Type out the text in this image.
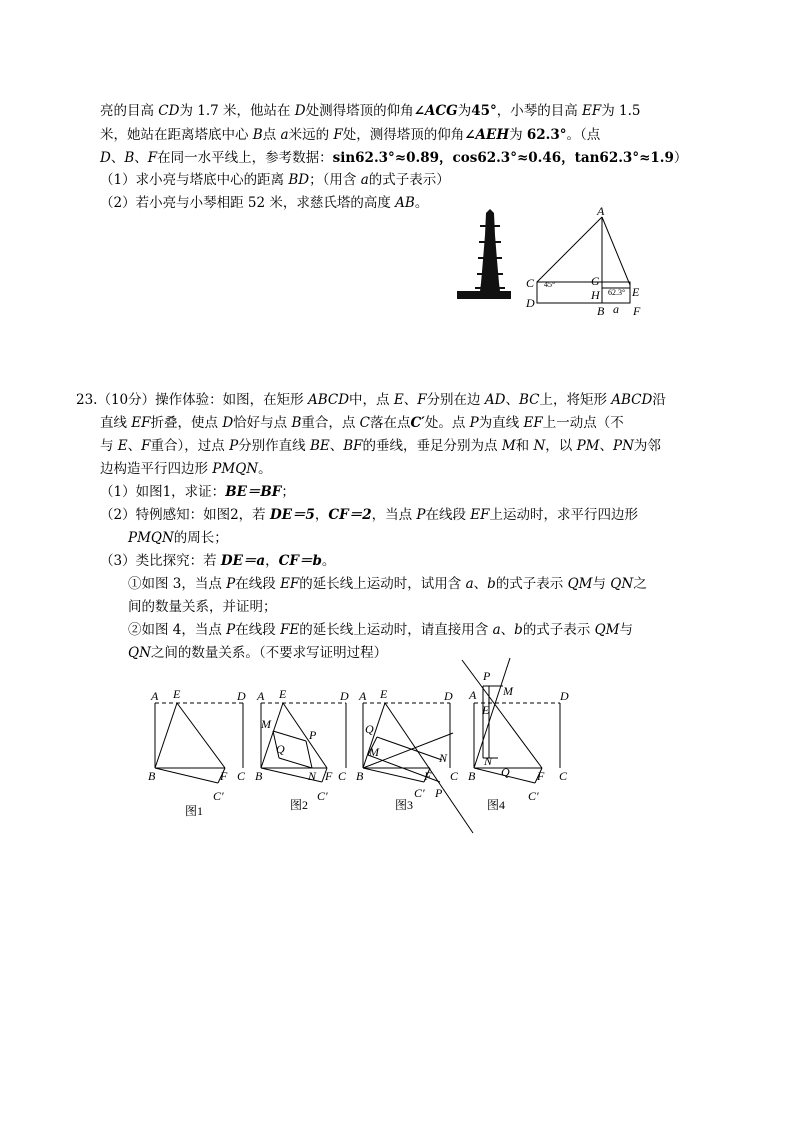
亮的目高 CD为 1.7 米，他站在 D处测得塔顶的仰角∠ACG为45°，小琴的目高 EF为 1.5
米，她站在距离塔底中心 B点 a米远的 F处，测得塔顶的仰角∠AEH为 62.3°。（点
D、B、F在同一水平线上，参考数据：sin62.3°≈0.89，cos62.3°≈0.46，tan62.3°≈1.9）
（1）求小亮与塔底中心的距离 BD；（用含 a的式子表示）
（2）若小亮与小琴相距 52 米，求慈氏塔的高度 AB。	A
C 45°	G
H 62.3° E
D
B a F
23.（10分）操作体验：如图，在矩形 ABCD中，点 E、F分别在边 AD、BC上，将矩形 ABCD沿
直线 EF折叠，使点 D恰好与点 B重合，点 C落在点C′处。点 P为直线 EF上一动点（不
与 E、F重合），过点 P分别作直线 BE、BF的垂线，垂足分别为点 M和 N，以 PM、PN为邻
边构造平行四边形 PMQN。
（1）如图1，求证：BE＝BF；
（2）特例感知：如图2，若 DE＝5，CF＝2，当点 P在线段 EF上运动时，求平行四边形
PMQN的周长；
（3）类比探究：若 DE＝a，CF＝b。
①如图 3，当点 P在线段 EF的延长线上运动时，试用含 a、b的式子表示 QM与 QN之
间的数量关系，并证明；
②如图 4，当点 P在线段 FE的延长线上运动时，请直接用含 a、b的式子表示 QM与
QN之间的数量关系。（不要求写证明过程）
A E	D
B	F C
C′
A E	D
M
P
Q
B	N F C
C′
A E	D
Q
M	N
B	F C
C′ P
P
M
A
E
D
N
B Q F C
C′
图1	图2	图3	图4
